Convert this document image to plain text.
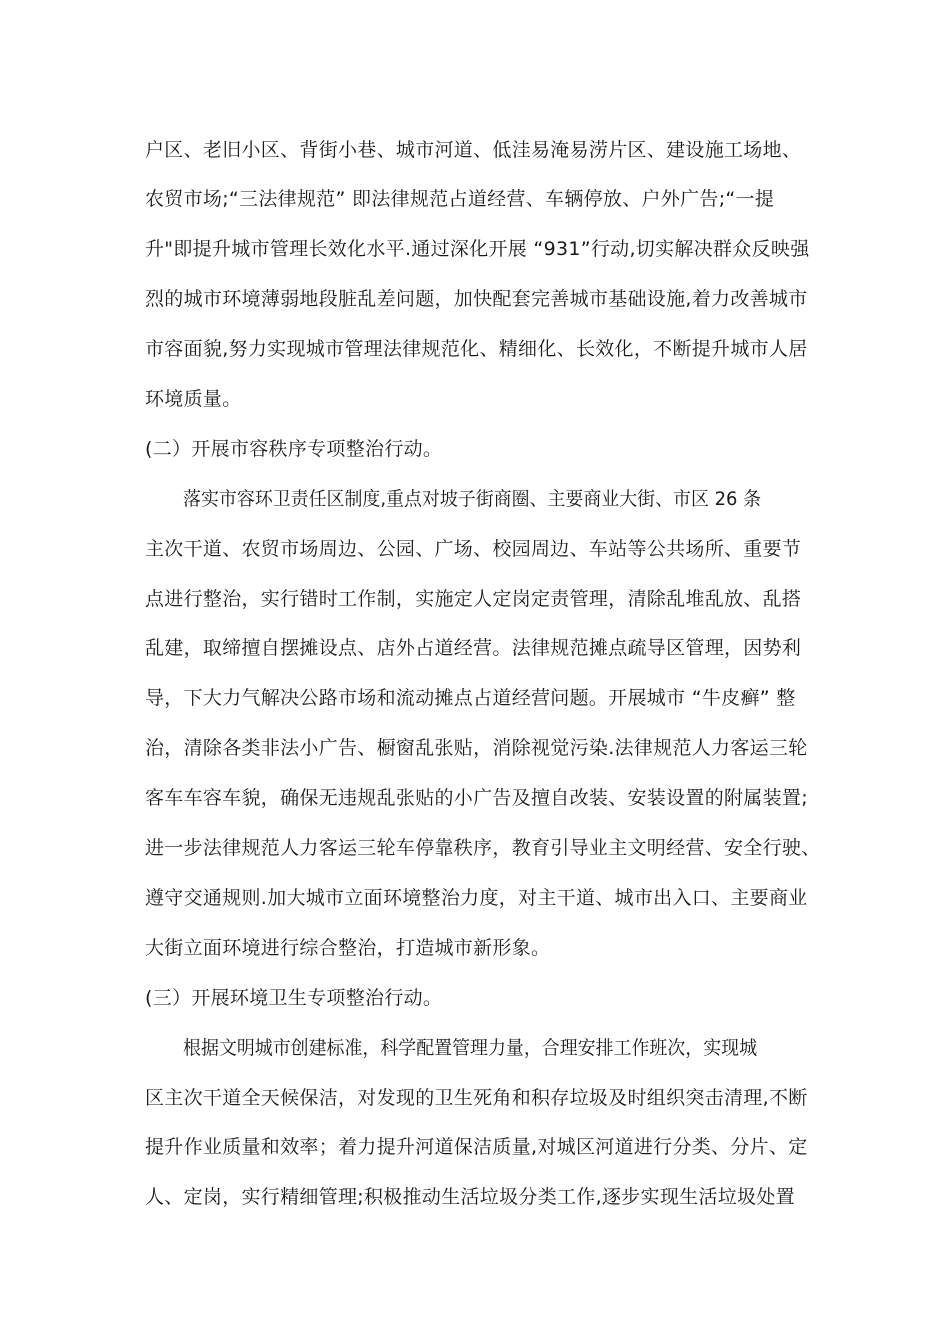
户区、老旧小区、背街小巷、城市河道、低洼易淹易涝片区、建设施工场地、
农贸市场;“三法律规范” 即法律规范占道经营、车辆停放、户外广告;“一提
升"即提升城市管理长效化水平.通过深化开展 “931”行动,切实解决群众反映强
烈的城市环境薄弱地段脏乱差问题，加快配套完善城市基础设施,着力改善城市
市容面貌,努力实现城市管理法律规范化、精细化、长效化，不断提升城市人居
环境质量。
(二）开展市容秩序专项整治行动。
落实市容环卫责任区制度,重点对坡子街商圈、主要商业大街、市区 26 条
主次干道、农贸市场周边、公园、广场、校园周边、车站等公共场所、重要节
点进行整治，实行错时工作制，实施定人定岗定责管理，清除乱堆乱放、乱搭
乱建，取缔擅自摆摊设点、店外占道经营。法律规范摊点疏导区管理，因势利
导，下大力气解决公路市场和流动摊点占道经营问题。开展城市 “牛皮癣” 整
治，清除各类非法小广告、橱窗乱张贴，消除视觉污染.法律规范人力客运三轮
客车车容车貌，确保无违规乱张贴的小广告及擅自改装、安装设置的附属装置;
进一步法律规范人力客运三轮车停靠秩序，教育引导业主文明经营、安全行驶、
遵守交通规则.加大城市立面环境整治力度，对主干道、城市出入口、主要商业
大街立面环境进行综合整治，打造城市新形象。
(三）开展环境卫生专项整治行动。
根据文明城市创建标准，科学配置管理力量，合理安排工作班次，实现城
区主次干道全天候保洁，对发现的卫生死角和积存垃圾及时组织突击清理,不断
提升作业质量和效率；着力提升河道保洁质量,对城区河道进行分类、分片、定
人、定岗，实行精细管理;积极推动生活垃圾分类工作,逐步实现生活垃圾处置
